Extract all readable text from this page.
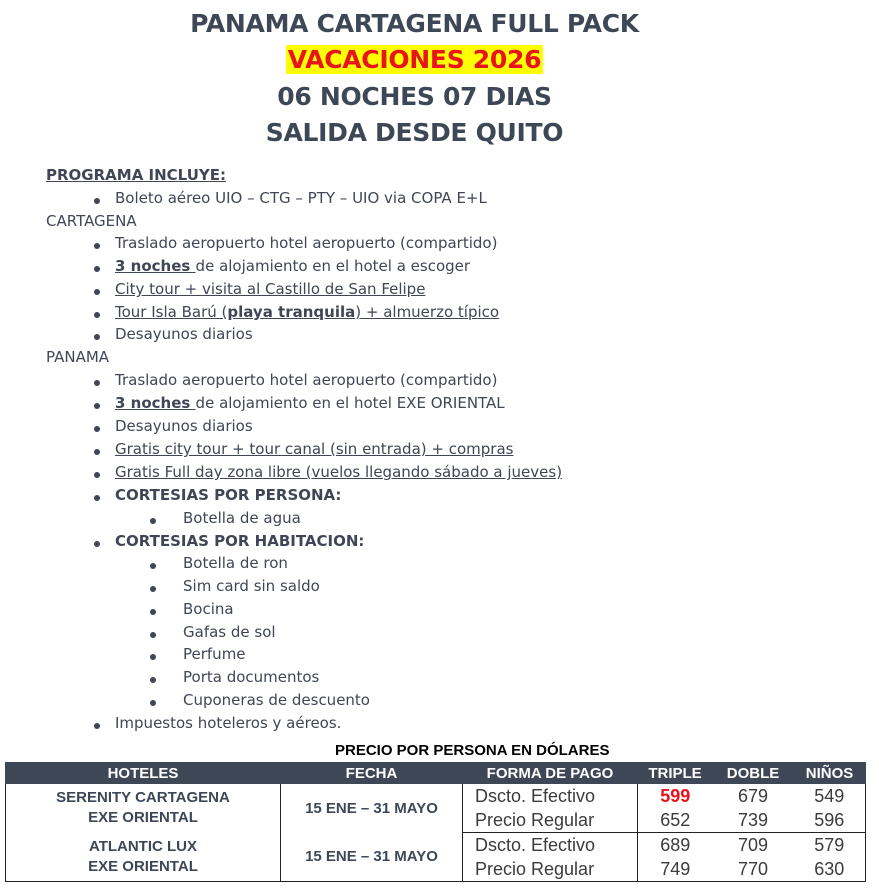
PANAMA CARTAGENA FULL PACK
VACACIONES 2026
06 NOCHES 07 DIAS
SALIDA DESDE QUITO
PROGRAMA INCLUYE:
Boleto aéreo UIO – CTG – PTY – UIO via COPA E+L
CARTAGENA
Traslado aeropuerto hotel aeropuerto (compartido)
3 noches de alojamiento en el hotel a escoger
City tour + visita al Castillo de San Felipe
Tour Isla Barú (playa tranquila) + almuerzo típico
Desayunos diarios
PANAMA
Traslado aeropuerto hotel aeropuerto (compartido)
3 noches de alojamiento en el hotel EXE ORIENTAL
Desayunos diarios
Gratis city tour + tour canal (sin entrada) + compras
Gratis Full day zona libre (vuelos llegando sábado a jueves)
CORTESIAS POR PERSONA:
Botella de agua
CORTESIAS POR HABITACION:
Botella de ron
Sim card sin saldo
Bocina
Gafas de sol
Perfume
Porta documentos
Cuponeras de descuento
Impuestos hoteleros y aéreos.
PRECIO POR PERSONA EN DÓLARES
HOTELES	FECHA	FORMA DE PAGO	TRIPLE	DOBLE	NIÑOS

SERENITY CARTAGENA
EXE ORIENTAL	15 ENE – 31 MAYO	Dscto. Efectivo	599	679	549
		Precio Regular	652	739	596

ATLANTIC LUX
EXE ORIENTAL	15 ENE – 31 MAYO	Dscto. Efectivo	689	709	579
		Precio Regular	749	770	630
